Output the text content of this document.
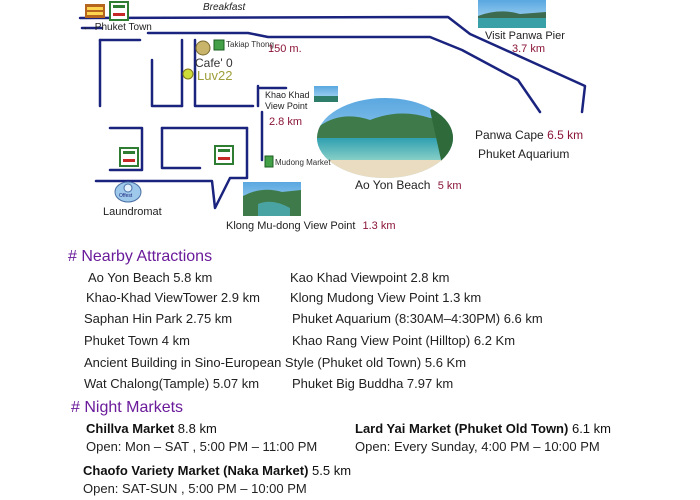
Breakfast
← Phuket Town
Visit Panwa Pier
3.7 km
Takiap Thong
150 m.
Cafe' 0
Luv22
Khao Khad
View Point
2.8 km
Panwa Cape 6.5 km
Phuket Aquarium
Mudong Market
Ao Yon Beach 5 km
Offest
Laundromat
Klong Mu-dong View Point 1.3 km
# Nearby Attractions
Ao Yon Beach 5.8 km
Khao-Khad ViewTower 2.9 km
Saphan Hin Park 2.75 km
Phuket Town 4 km
Kao Khad Viewpoint 2.8 km
Klong Mudong View Point 1.3 km
Phuket Aquarium (8:30AM–4:30PM) 6.6 km
Khao Rang View Point (Hilltop) 6.2 Km
Ancient Building in Sino-European Style (Phuket old Town) 5.6 Km
Wat Chalong(Tample) 5.07 km	Phuket Big Buddha 7.97 km
# Night Markets
Chillva Market 8.8 km
Open: Mon – SAT , 5:00 PM – 11:00 PM
Lard Yai Market (Phuket Old Town) 6.1 km
Open: Every Sunday, 4:00 PM – 10:00 PM
Chaofo Variety Market (Naka Market) 5.5 km
Open: SAT-SUN , 5:00 PM – 10:00 PM
